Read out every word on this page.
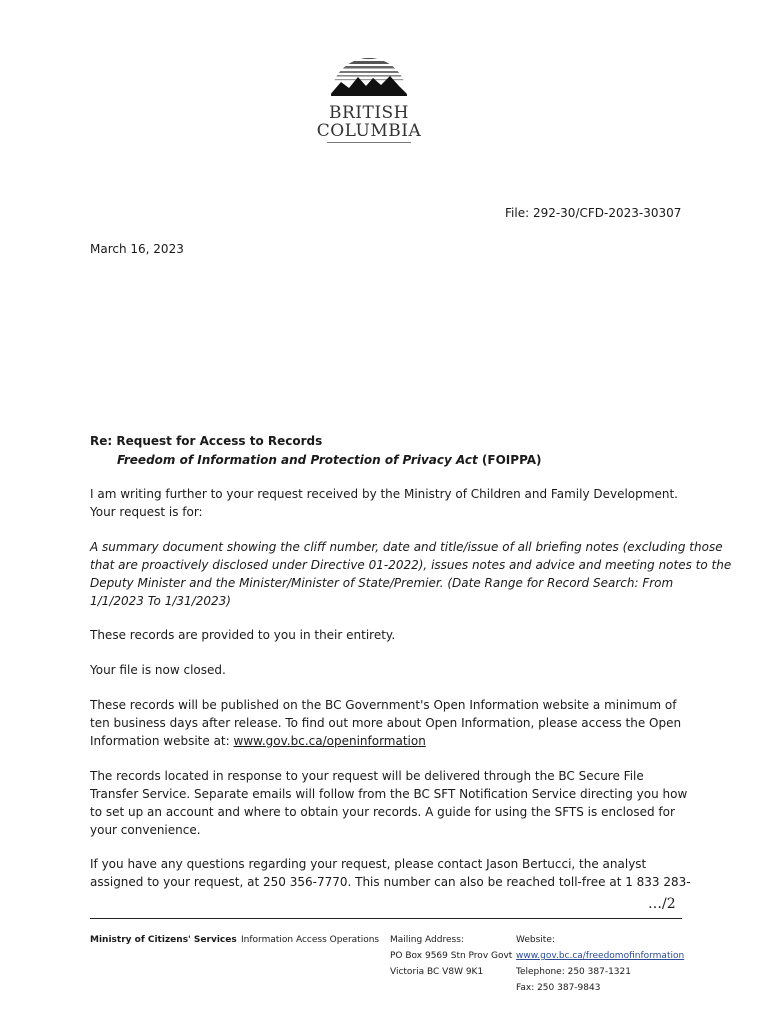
BRITISH
COLUMBIA
File: 292-30/CFD-2023-30307
March 16, 2023
Re: Request for Access to Records
Freedom of Information and Protection of Privacy Act (FOIPPA)

I am writing further to your request received by the Ministry of Children and Family Development.
Your request is for:

A summary document showing the cliff number, date and title/issue of all briefing notes (excluding those
that are proactively disclosed under Directive 01-2022), issues notes and advice and meeting notes to the
Deputy Minister and the Minister/Minister of State/Premier. (Date Range for Record Search: From
1/1/2023 To 1/31/2023)

These records are provided to you in their entirety.

Your file is now closed.

These records will be published on the BC Government's Open Information website a minimum of
ten business days after release. To find out more about Open Information, please access the Open
Information website at: www.gov.bc.ca/openinformation

The records located in response to your request will be delivered through the BC Secure File
Transfer Service. Separate emails will follow from the BC SFT Notification Service directing you how
to set up an account and where to obtain your records. A guide for using the SFTS is enclosed for
your convenience.

If you have any questions regarding your request, please contact Jason Bertucci, the analyst
assigned to your request, at 250 356-7770. This number can also be reached toll-free at 1 833 283-

…/2
Ministry of Citizens' Services Information Access Operations Mailing Address:
PO Box 9569 Stn Prov Govt
Victoria BC V8W 9K1
Website:
www.gov.bc.ca/freedomofinformation
Telephone: 250 387-1321
Fax: 250 387-9843
